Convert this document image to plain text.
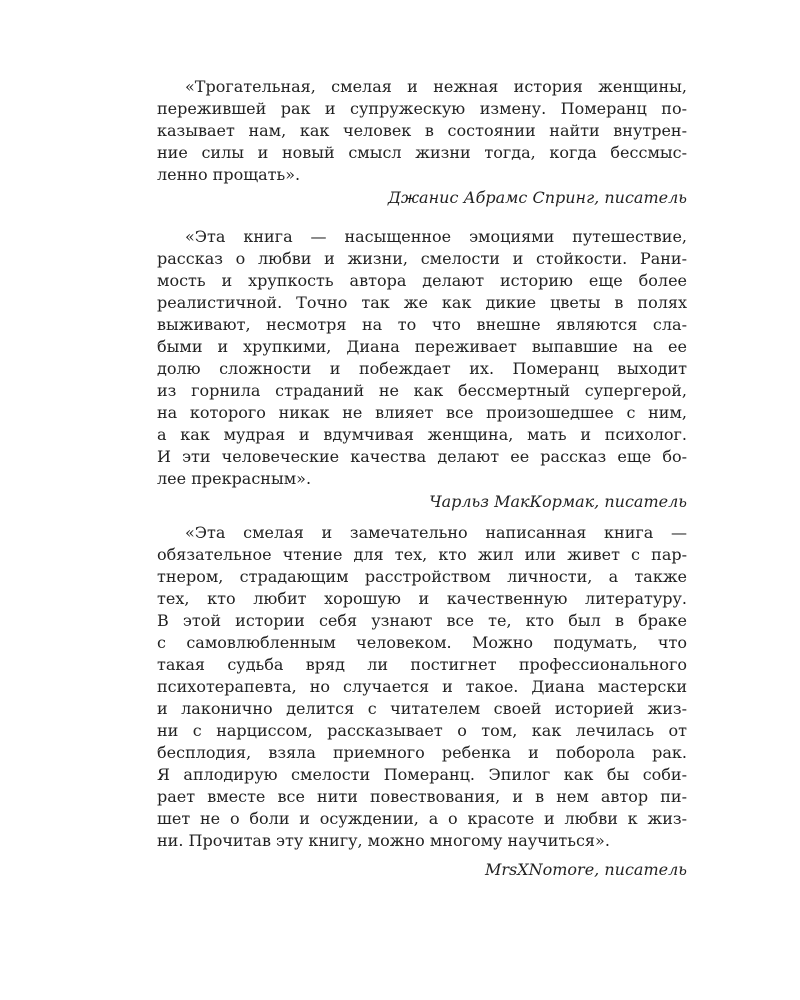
«Трогательная, смелая и нежная история женщины,
пережившей рак и супружескую измену. Померанц по-
казывает нам, как человек в состоянии найти внутрен-
ние силы и новый смысл жизни тогда, когда бессмыс-
ленно прощать».
Джанис Абрамс Спринг, писатель
«Эта книга — насыщенное эмоциями путешествие,
рассказ о любви и жизни, смелости и стойкости. Рани-
мость и хрупкость автора делают историю еще более
реалистичной. Точно так же как дикие цветы в полях
выживают, несмотря на то что внешне являются сла-
быми и хрупкими, Диана переживает выпавшие на ее
долю сложности и побеждает их. Померанц выходит
из горнила страданий не как бессмертный супергерой,
на которого никак не влияет все произошедшее с ним,
а как мудрая и вдумчивая женщина, мать и психолог.
И эти человеческие качества делают ее рассказ еще бо-
лее прекрасным».
Чарльз МакКормак, писатель
«Эта смелая и замечательно написанная книга —
обязательное чтение для тех, кто жил или живет с пар-
тнером, страдающим расстройством личности, а также
тех, кто любит хорошую и качественную литературу.
В этой истории себя узнают все те, кто был в браке
с самовлюбленным человеком. Можно подумать, что
такая судьба вряд ли постигнет профессионального
психотерапевта, но случается и такое. Диана мастерски
и лаконично делится с читателем своей историей жиз-
ни с нарциссом, рассказывает о том, как лечилась от
бесплодия, взяла приемного ребенка и поборола рак.
Я аплодирую смелости Померанц. Эпилог как бы соби-
рает вместе все нити повествования, и в нем автор пи-
шет не о боли и осуждении, а о красоте и любви к жиз-
ни. Прочитав эту книгу, можно многому научиться».
MrsXNomore, писатель
